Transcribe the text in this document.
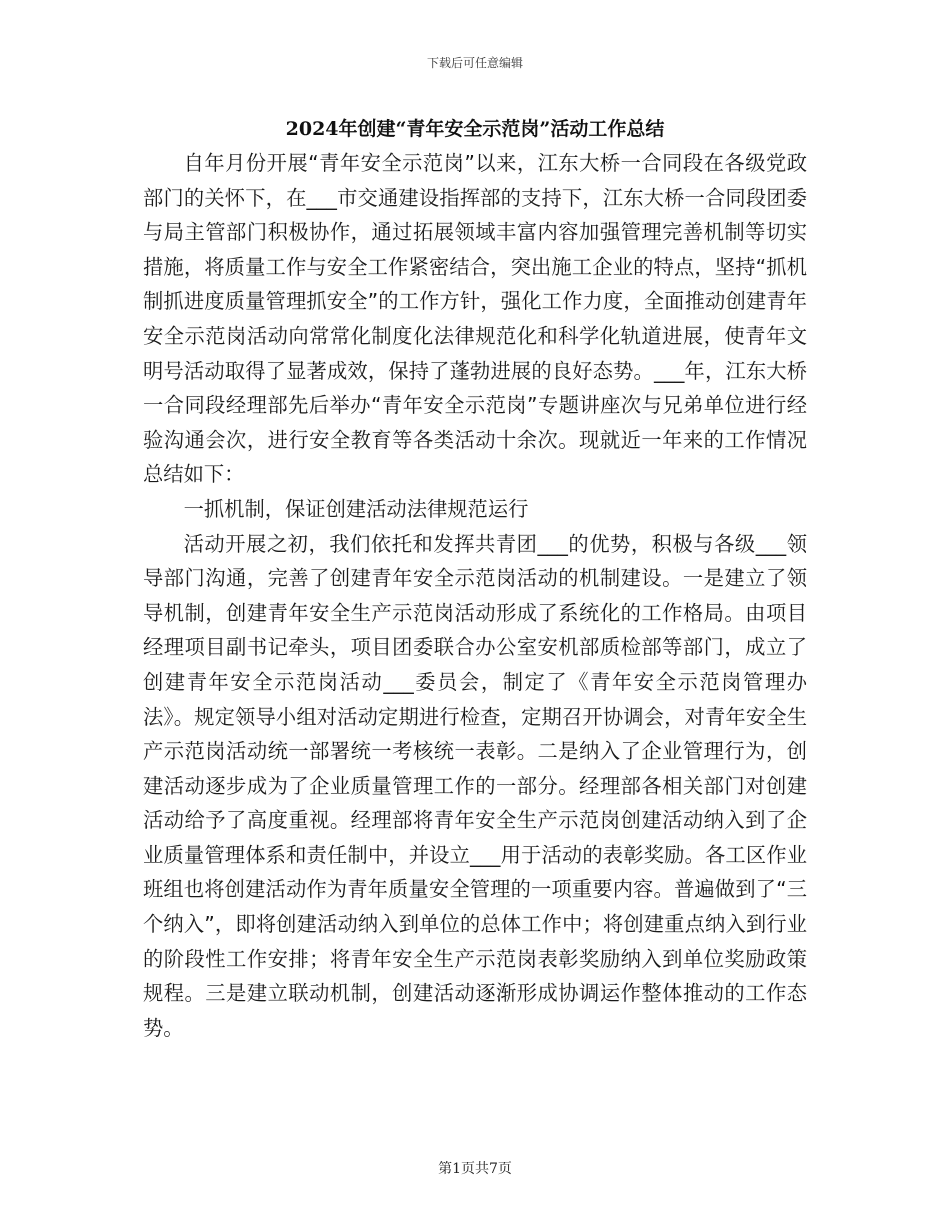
下载后可任意编辑
2024年创建“青年安全示范岗”活动工作总结

自年月份开展“青年安全示范岗”以来，江东大桥一合同段在各级党政部门的关怀下，在___市交通建设指挥部的支持下，江东大桥一合同段团委与局主管部门积极协作，通过拓展领域丰富内容加强管理完善机制等切实措施，将质量工作与安全工作紧密结合，突出施工企业的特点，坚持“抓机制抓进度质量管理抓安全”的工作方针，强化工作力度，全面推动创建青年安全示范岗活动向常常化制度化法律规范化和科学化轨道进展，使青年文明号活动取得了显著成效，保持了蓬勃进展的良好态势。___年，江东大桥一合同段经理部先后举办“青年安全示范岗”专题讲座次与兄弟单位进行经验沟通会次，进行安全教育等各类活动十余次。现就近一年来的工作情况总结如下：

一抓机制，保证创建活动法律规范运行

活动开展之初，我们依托和发挥共青团___的优势，积极与各级___领导部门沟通，完善了创建青年安全示范岗活动的机制建设。一是建立了领导机制，创建青年安全生产示范岗活动形成了系统化的工作格局。由项目经理项目副书记牵头，项目团委联合办公室安机部质检部等部门，成立了创建青年安全示范岗活动___委员会，制定了《青年安全示范岗管理办法》。规定领导小组对活动定期进行检查，定期召开协调会，对青年安全生产示范岗活动统一部署统一考核统一表彰。二是纳入了企业管理行为，创建活动逐步成为了企业质量管理工作的一部分。经理部各相关部门对创建活动给予了高度重视。经理部将青年安全生产示范岗创建活动纳入到了企业质量管理体系和责任制中，并设立___用于活动的表彰奖励。各工区作业班组也将创建活动作为青年质量安全管理的一项重要内容。普遍做到了“三个纳入”，即将创建活动纳入到单位的总体工作中；将创建重点纳入到行业的阶段性工作安排；将青年安全生产示范岗表彰奖励纳入到单位奖励政策规程。三是建立联动机制，创建活动逐渐形成协调运作整体推动的工作态势。

第1页共7页
